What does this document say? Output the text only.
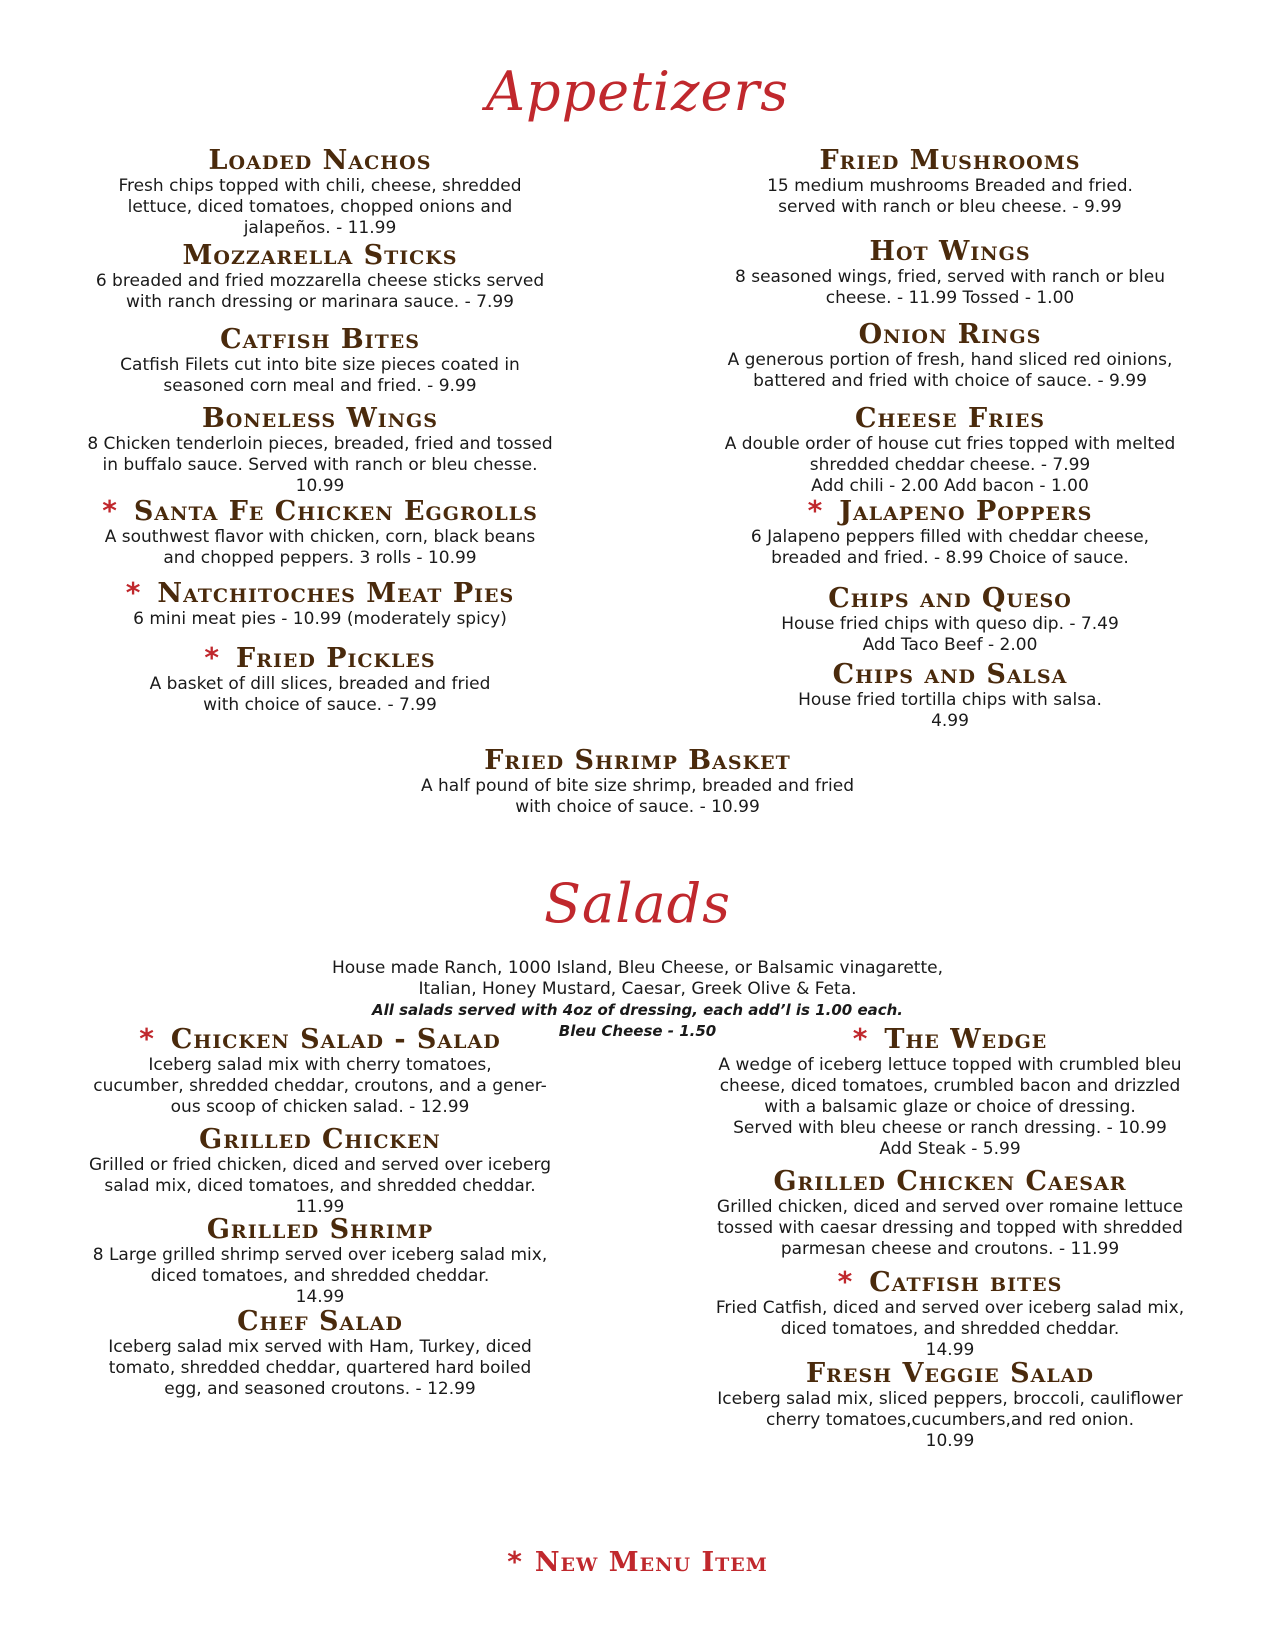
Appetizers
Loaded Nachos
Fresh chips topped with chili, cheese, shredded
lettuce, diced tomatoes, chopped onions and
jalapeños. - 11.99
Mozzarella Sticks
6 breaded and fried mozzarella cheese sticks served
with ranch dressing or marinara sauce. - 7.99
Catfish Bites
Catfish Filets cut into bite size pieces coated in
seasoned corn meal and fried. - 9.99
Boneless Wings
8 Chicken tenderloin pieces, breaded, fried and tossed
in buffalo sauce. Served with ranch or bleu chesse.
10.99
* Santa Fe Chicken Eggrolls
A southwest flavor with chicken, corn, black beans
and chopped peppers. 3 rolls - 10.99
* Natchitoches Meat Pies
6 mini meat pies - 10.99 (moderately spicy)
* Fried Pickles
A basket of dill slices, breaded and fried
with choice of sauce. - 7.99
Fried Mushrooms
15 medium mushrooms Breaded and fried.
served with ranch or bleu cheese. - 9.99
Hot Wings
8 seasoned wings, fried, served with ranch or bleu
cheese. - 11.99 Tossed - 1.00
Onion Rings
A generous portion of fresh, hand sliced red oinions,
battered and fried with choice of sauce. - 9.99
Cheese Fries
A double order of house cut fries topped with melted
shredded cheddar cheese. - 7.99
Add chili - 2.00 Add bacon - 1.00
* Jalapeno Poppers
6 Jalapeno peppers filled with cheddar cheese,
breaded and fried. - 8.99 Choice of sauce.
Chips and Queso
House fried chips with queso dip. - 7.49
Add Taco Beef - 2.00
Chips and Salsa
House fried tortilla chips with salsa.
4.99
Fried Shrimp Basket
A half pound of bite size shrimp, breaded and fried
with choice of sauce. - 10.99
Salads
House made Ranch, 1000 Island, Bleu Cheese, or Balsamic vinagarette,
Italian, Honey Mustard, Caesar, Greek Olive & Feta.
All salads served with 4oz of dressing, each add’l is 1.00 each.
Bleu Cheese - 1.50
* Chicken Salad - Salad
Iceberg salad mix with cherry tomatoes,
cucumber, shredded cheddar, croutons, and a gener-
ous scoop of chicken salad. - 12.99
Grilled Chicken
Grilled or fried chicken, diced and served over iceberg
salad mix, diced tomatoes, and shredded cheddar.
11.99
Grilled Shrimp
8 Large grilled shrimp served over iceberg salad mix,
diced tomatoes, and shredded cheddar.
14.99
Chef Salad
Iceberg salad mix served with Ham, Turkey, diced
tomato, shredded cheddar, quartered hard boiled
egg, and seasoned croutons. - 12.99
* The Wedge
A wedge of iceberg lettuce topped with crumbled bleu
cheese, diced tomatoes, crumbled bacon and drizzled
with a balsamic glaze or choice of dressing.
Served with bleu cheese or ranch dressing. - 10.99
Add Steak - 5.99
Grilled Chicken Caesar
Grilled chicken, diced and served over romaine lettuce
tossed with caesar dressing and topped with shredded
parmesan cheese and croutons. - 11.99
* Catfish bites
Fried Catfish, diced and served over iceberg salad mix,
diced tomatoes, and shredded cheddar.
14.99
Fresh Veggie Salad
Iceberg salad mix, sliced peppers, broccoli, cauliflower
cherry tomatoes,cucumbers,and red onion.
10.99
* New Menu Item
